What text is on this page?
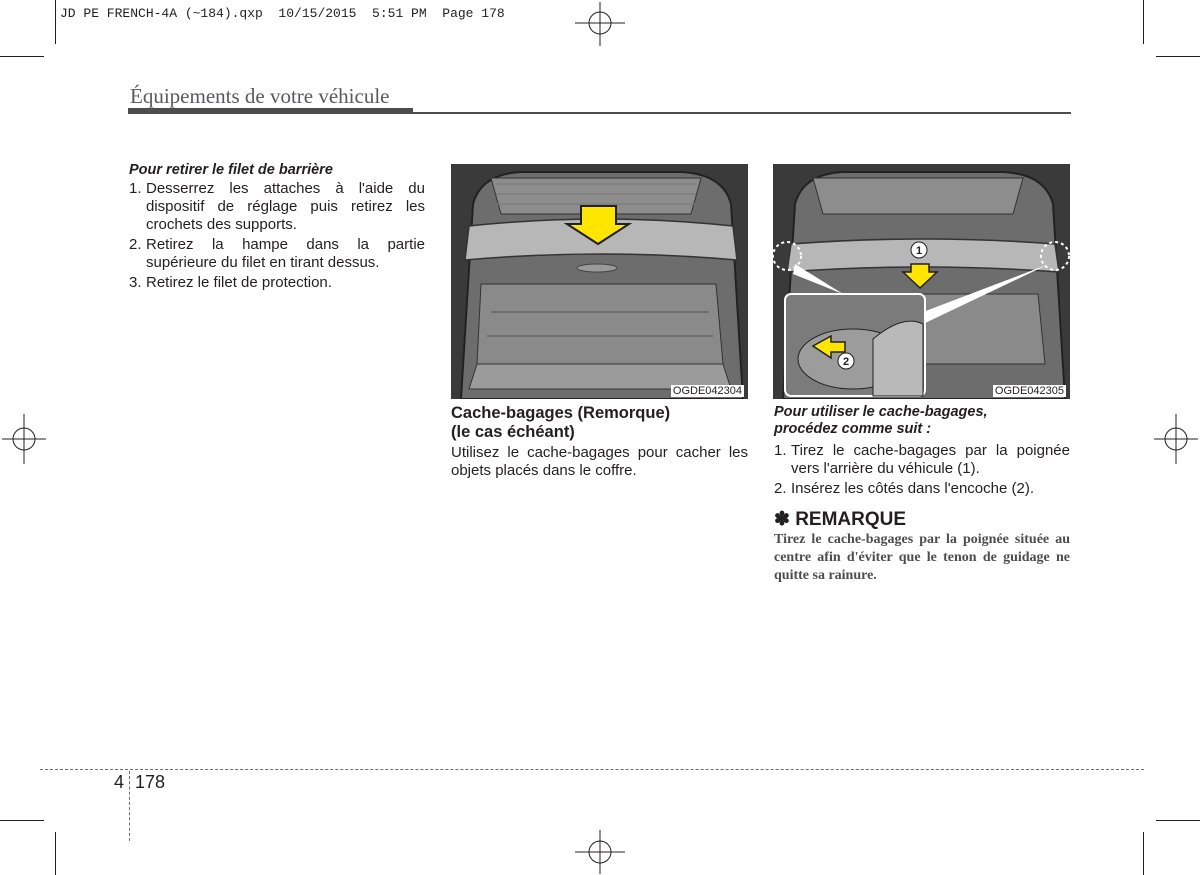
JD PE FRENCH-4A (~184).qxp  10/15/2015  5:51 PM  Page 178
Équipements de votre véhicule
Pour retirer le filet de barrière
1. Desserrez les attaches à l'aide du dispositif de réglage puis retirez les crochets des supports.
2. Retirez la hampe dans la partie supérieure du filet en tirant dessus.
3. Retirez le filet de protection.
OGDE042304
Cache-bagages (Remorque)
(le cas échéant)
Utilisez le cache-bagages pour cacher les objets placés dans le coffre.
1
2
OGDE042305
Pour utiliser le cache-bagages,
procédez comme suit :
1. Tirez le cache-bagages par la poignée vers l'arrière du véhicule (1).
2. Insérez les côtés dans l'encoche (2).
✽ REMARQUE
Tirez le cache-bagages par la poignée située au centre afin d'éviter que le tenon de guidage ne quitte sa rainure.
4 178
